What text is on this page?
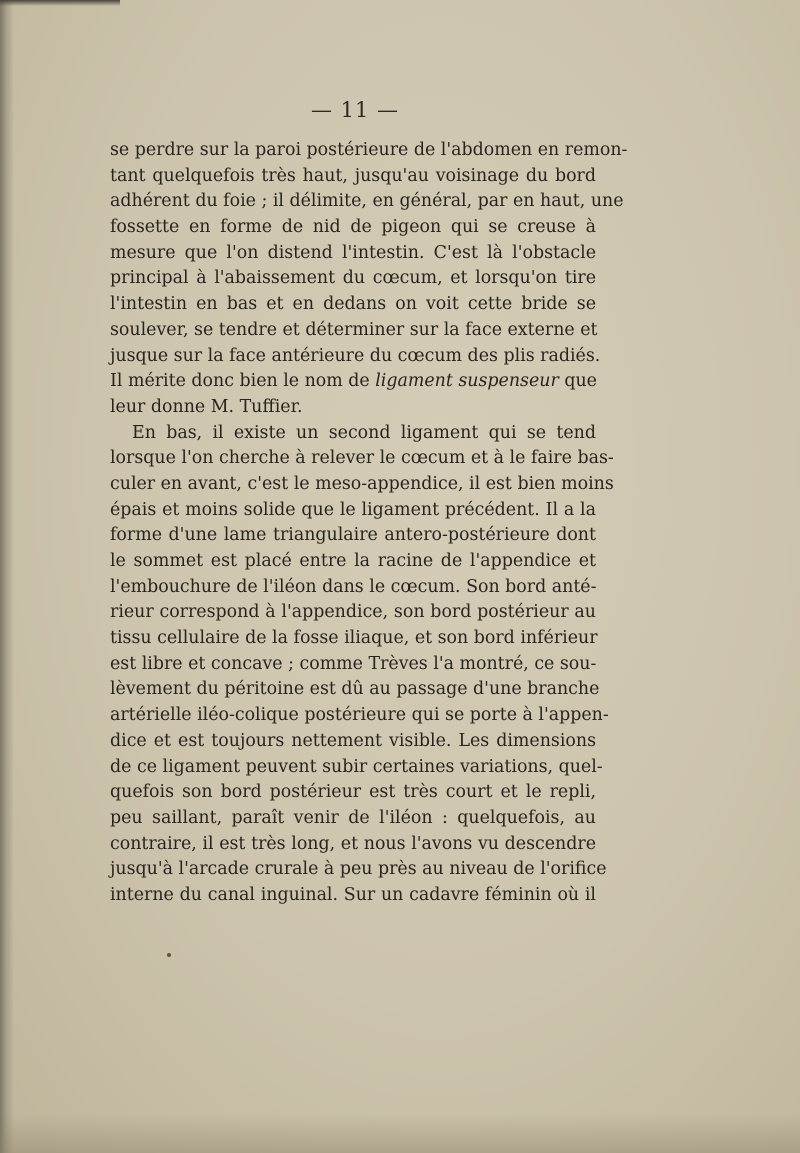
— 11 —
se perdre sur la paroi postérieure de l'abdomen en remon-
tant quelquefois très haut, jusqu'au voisinage du bord
adhérent du foie ; il délimite, en général, par en haut, une
fossette en forme de nid de pigeon qui se creuse à
mesure que l'on distend l'intestin. C'est là l'obstacle
principal à l'abaissement du cœcum, et lorsqu'on tire
l'intestin en bas et en dedans on voit cette bride se
soulever, se tendre et déterminer sur la face externe et
jusque sur la face antérieure du cœcum des plis radiés.
Il mérite donc bien le nom de ligament suspenseur que
leur donne M. Tuffier.
En bas, il existe un second ligament qui se tend
lorsque l'on cherche à relever le cœcum et à le faire bas-
culer en avant, c'est le meso-appendice, il est bien moins
épais et moins solide que le ligament précédent. Il a la
forme d'une lame triangulaire antero-postérieure dont
le sommet est placé entre la racine de l'appendice et
l'embouchure de l'iléon dans le cœcum. Son bord anté-
rieur correspond à l'appendice, son bord postérieur au
tissu cellulaire de la fosse iliaque, et son bord inférieur
est libre et concave ; comme Trèves l'a montré, ce sou-
lèvement du péritoine est dû au passage d'une branche
artérielle iléo-colique postérieure qui se porte à l'appen-
dice et est toujours nettement visible. Les dimensions
de ce ligament peuvent subir certaines variations, quel-
quefois son bord postérieur est très court et le repli,
peu saillant, paraît venir de l'iléon : quelquefois, au
contraire, il est très long, et nous l'avons vu descendre
jusqu'à l'arcade crurale à peu près au niveau de l'orifice
interne du canal inguinal. Sur un cadavre féminin où il
